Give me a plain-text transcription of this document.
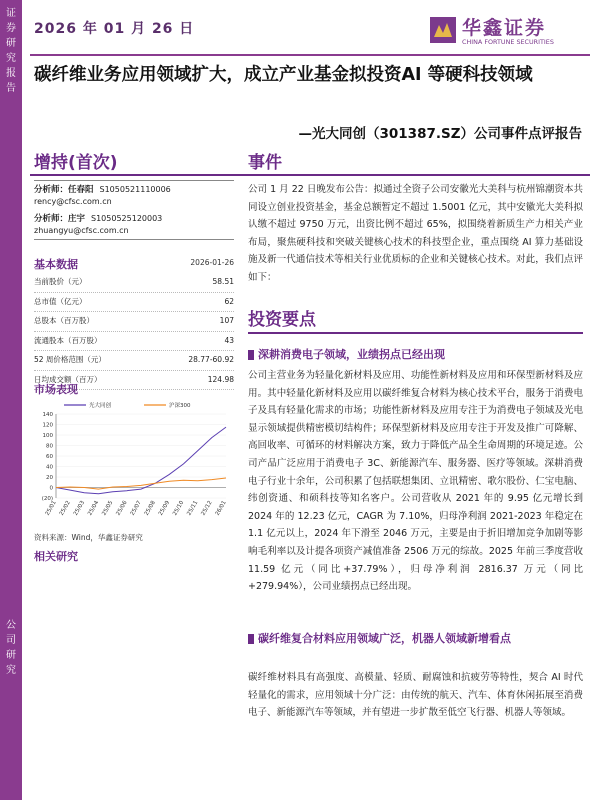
证
券
研
究
报
告
公
司
研
究
2026 年 01 月 26 日	华鑫证券
CHINA FORTUNE SECURITIES
碳纤维业务应用领域扩大，成立产业基金拟投资AI 等硬科技领域
—光大同创（301387.SZ）公司事件点评报告
增持(首次)	事件
分析师：任春阳 S1050521110006
rency@cfsc.com.cn
分析师：庄宇 S1050525120003
zhuangyu@cfsc.com.cn
基本数据	2026-01-26
当前股价（元）	58.51
总市值（亿元）	62
总股本（百万股）	107
流通股本（百万股）	43
52 周价格范围（元）	28.77-60.92
日均成交额（百万）	124.98
市场表现
(20)
0
20
40
60
80
100
120
140
25/01 25/02 25/03 25/04 25/05 25/06 25/07 25/08 25/09 25/10 25/11 25/12 26/01
光大同创	沪深300
资料来源：Wind，华鑫证券研究
相关研究
公司 1 月 22 日晚发布公告：拟通过全资子公司安徽光大美科与杭州锦潮资本共同设立创业投资基金，基金总额暂定不超过 1.5001 亿元，其中安徽光大美科拟认缴不超过 9750 万元，出资比例不超过 65%，拟围绕着新质生产力相关产业布局，聚焦硬科技和突破关键核心技术的科技型企业，重点围绕 AI 算力基础设施及新一代通信技术等相关行业优质标的企业和关键核心技术。对此，我们点评如下：
投资要点
深耕消费电子领域，业绩拐点已经出现
公司主营业务为轻量化新材料及应用、功能性新材料及应用和环保型新材料及应用。其中轻量化新材料及应用以碳纤维复合材料为核心技术平台，服务于消费电子及具有轻量化需求的市场；功能性新材料及应用专注于为消费电子领域及光电显示领域提供精密模切结构件；环保型新材料及应用专注于开发及推广可降解、高回收率、可循环的材料解决方案，致力于降低产品全生命周期的环境足迹。公司产品广泛应用于消费电子 3C、新能源汽车、服务器、医疗等领域。深耕消费电子行业十余年，公司积累了包括联想集团、立讯精密、歌尔股份、仁宝电脑、纬创资通、和硕科技等知名客户。公司营收从 2021 年的 9.95 亿元增长到 2024 年的 12.23 亿元，CAGR 为 7.10%，归母净利润 2021-2023 年稳定在 1.1 亿元以上，2024 年下滑至 2046 万元，主要是由于折旧增加竞争加剧等影响毛利率以及计提各项资产减值准备 2506 万元的综故。2025 年前三季度营收 11.59 亿元（同比+37.79%），归母净利润 2816.37 万元（同比+279.94%），公司业绩拐点已经出现。
碳纤维复合材料应用领域广泛，机器人领域新增看点
碳纤维材料具有高强度、高模量、轻质、耐腐蚀和抗疲劳等特性，契合 AI 时代轻量化的需求，应用领域十分广泛：由传统的航天、汽车、体育休闲拓展至消费电子、新能源汽车等领域，并有望进一步扩散至低空飞行器、机器人等领域。
